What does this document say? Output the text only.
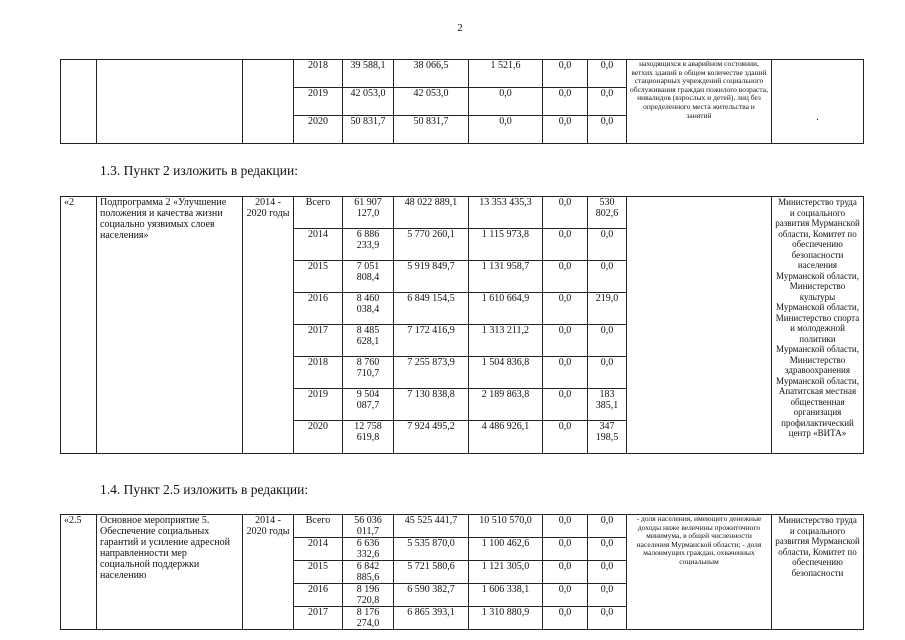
2
			2018	39 588,1	38 066,5	1 521,6	0,0	0,0	находящихся в аварийном состоянии, ветхих зданий в общем количестве зданий стационарных учреждений социального обслуживания граждан пожилого возраста, инвалидов (взрослых и детей), лиц без определенного места жительства и занятий	.
			2019	42 053,0	42 053,0	0,0	0,0	0,0		
			2020	50 831,7	50 831,7	0,0	0,0	0,0		
1.3. Пункт 2 изложить в редакции:
«2	Подпрограмма 2 «Улучшение положения и качества жизни социально уязвимых слоев населения»	2014 - 2020 годы	Всего	61 907 127,0	48 022 889,1	13 353 435,3	0,0	530 802,6		Министерство труда и социального развития Мурманской области, Комитет по обеспечению безопасности населения Мурманской области, Министерство культуры Мурманской области, Министерство спорта и молодежной политики Мурманской области, Министерство здравоохранения Мурманской области, Апатитская местная общественная организация профилактический центр «ВИТА»
			2014	6 886 233,9	5 770 260,1	1 115 973,8	0,0	0,0		
			2015	7 051 808,4	5 919 849,7	1 131 958,7	0,0	0,0		
			2016	8 460 038,4	6 849 154,5	1 610 664,9	0,0	219,0		
			2017	8 485 628,1	7 172 416,9	1 313 211,2	0,0	0,0		
			2018	8 760 710,7	7 255 873,9	1 504 836,8	0,0	0,0		
			2019	9 504 087,7	7 130 838,8	2 189 863,8	0,0	183 385,1		
			2020	12 758 619,8	7 924 495,2	4 486 926,1	0,0	347 198,5		
1.4. Пункт 2.5 изложить в редакции:
«2.5	Основное мероприятие 5. Обеспечение социальных гарантий и усиление адресной направленности мер социальной поддержки населению	2014 - 2020 годы	Всего	56 036 011,7	45 525 441,7	10 510 570,0	0,0	0,0	- доля населения, имеющего денежные доходы ниже величины прожиточного минимума, в общей численности населения Мурманской области; - доля малоимущих граждан, охваченных социальным	Министерство труда и социального развития Мурманской области, Комитет по обеспечению безопасности
			2014	6 636 332,6	5 535 870,0	1 100 462,6	0,0	0,0		
			2015	6 842 885,6	5 721 580,6	1 121 305,0	0,0	0,0		
			2016	8 196 720,8	6 590 382,7	1 606 338,1	0,0	0,0		
			2017	8 176 274,0	6 865 393,1	1 310 880,9	0,0	0,0		
